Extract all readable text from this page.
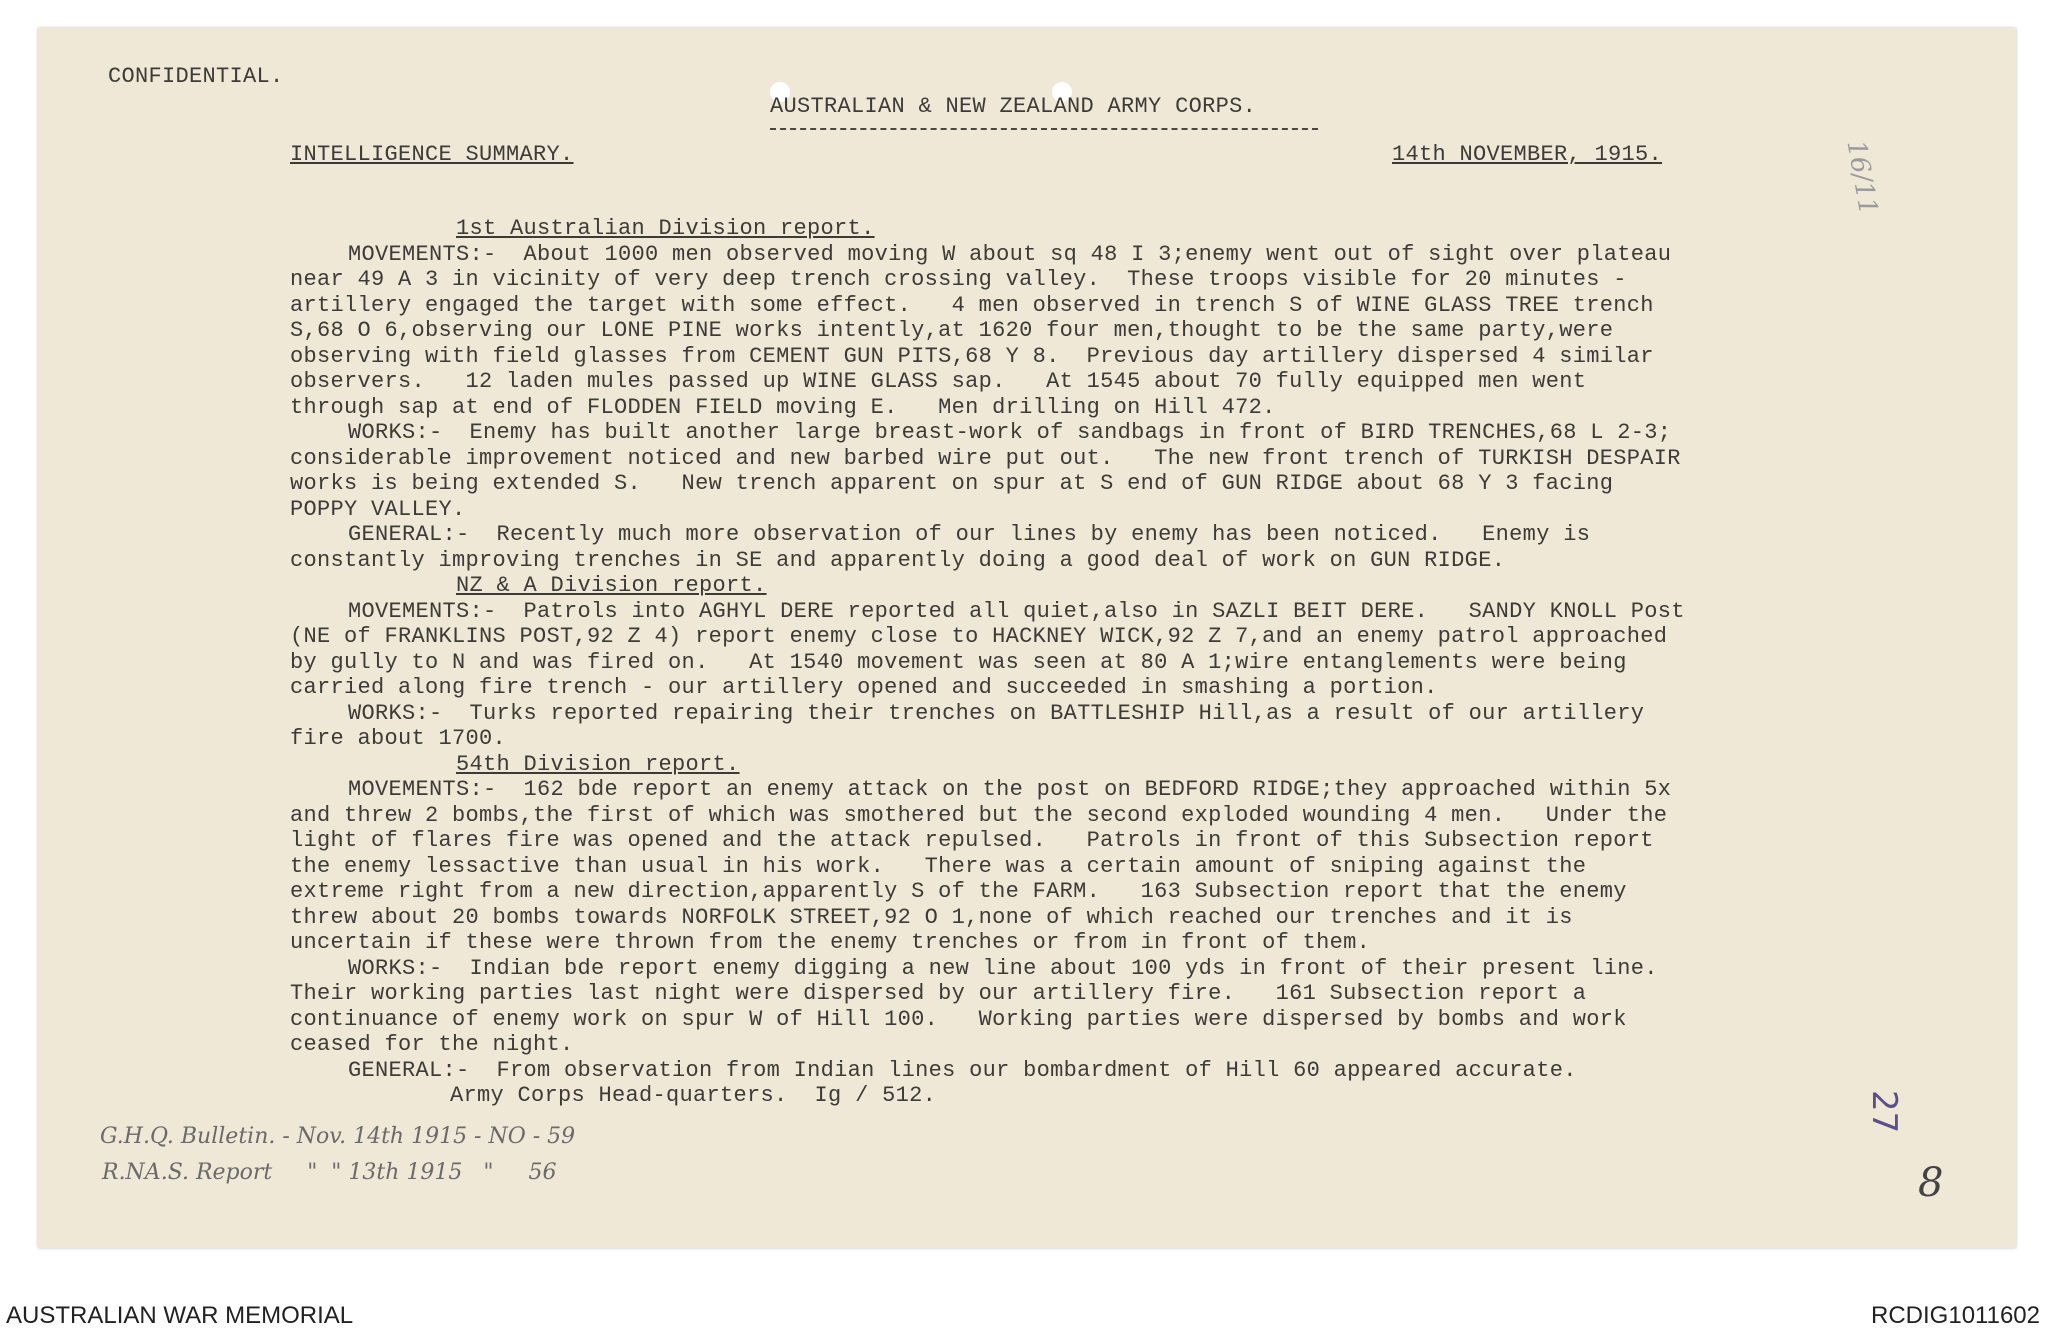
CONFIDENTIAL.
AUSTRALIAN & NEW ZEALAND ARMY CORPS.
INTELLIGENCE SUMMARY.	14th NOVEMBER, 1915.
1st Australian Division report.
MOVEMENTS:-  About 1000 men observed moving W about sq 48 I 3;enemy went out of sight over plateau
near 49 A 3 in vicinity of very deep trench crossing valley.  These troops visible for 20 minutes -
artillery engaged the target with some effect.   4 men observed in trench S of WINE GLASS TREE trench
S,68 O 6,observing our LONE PINE works intently,at 1620 four men,thought to be the same party,were
observing with field glasses from CEMENT GUN PITS,68 Y 8.  Previous day artillery dispersed 4 similar
observers.   12 laden mules passed up WINE GLASS sap.   At 1545 about 70 fully equipped men went
through sap at end of FLODDEN FIELD moving E.   Men drilling on Hill 472.
WORKS:-  Enemy has built another large breast-work of sandbags in front of BIRD TRENCHES,68 L 2-3;
considerable improvement noticed and new barbed wire put out.   The new front trench of TURKISH DESPAIR
works is being extended S.   New trench apparent on spur at S end of GUN RIDGE about 68 Y 3 facing
POPPY VALLEY.
GENERAL:-  Recently much more observation of our lines by enemy has been noticed.   Enemy is
constantly improving trenches in SE and apparently doing a good deal of work on GUN RIDGE.
NZ & A Division report.
MOVEMENTS:-  Patrols into AGHYL DERE reported all quiet,also in SAZLI BEIT DERE.   SANDY KNOLL Post
(NE of FRANKLINS POST,92 Z 4) report enemy close to HACKNEY WICK,92 Z 7,and an enemy patrol approached
by gully to N and was fired on.   At 1540 movement was seen at 80 A 1;wire entanglements were being
carried along fire trench - our artillery opened and succeeded in smashing a portion.
WORKS:-  Turks reported repairing their trenches on BATTLESHIP Hill,as a result of our artillery
fire about 1700.
54th Division report.
MOVEMENTS:-  162 bde report an enemy attack on the post on BEDFORD RIDGE;they approached within 5x
and threw 2 bombs,the first of which was smothered but the second exploded wounding 4 men.   Under the
light of flares fire was opened and the attack repulsed.   Patrols in front of this Subsection report
the enemy lessactive than usual in his work.   There was a certain amount of sniping against the
extreme right from a new direction,apparently S of the FARM.   163 Subsection report that the enemy
threw about 20 bombs towards NORFOLK STREET,92 O 1,none of which reached our trenches and it is
uncertain if these were thrown from the enemy trenches or from in front of them.
WORKS:-  Indian bde report enemy digging a new line about 100 yds in front of their present line.
Their working parties last night were dispersed by our artillery fire.   161 Subsection report a
continuance of enemy work on spur W of Hill 100.   Working parties were dispersed by bombs and work
ceased for the night.
GENERAL:-  From observation from Indian lines our bombardment of Hill 60 appeared accurate.
Army Corps Head-quarters.  Ig / 512.
G.H.Q. Bulletin. - Nov. 14th 1915 - NO - 59
R.NA.S. Report     "  " 13th 1915   "     56
16/11
27
8
AUSTRALIAN WAR MEMORIAL	RCDIG1011602
